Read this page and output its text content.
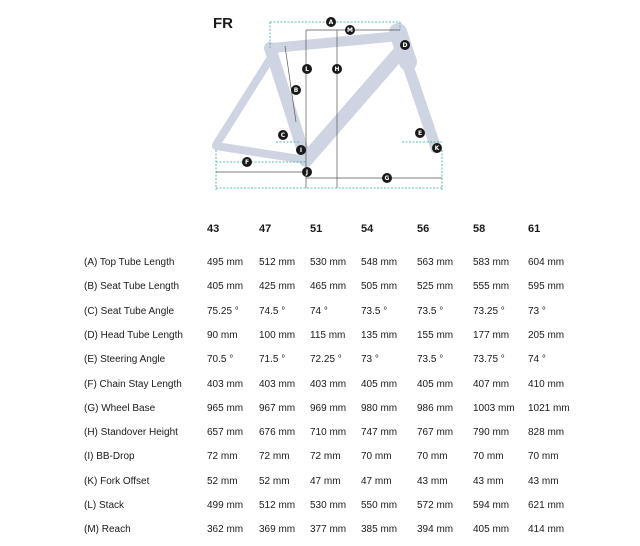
FR	A
M
D
L	H
B
C
I
E
K
F
J
G
43	47	51	54	56	58	61
(A) Top Tube Length	495 mm 512 mm 530 mm 548 mm 563 mm 583 mm 604 mm
(B) Seat Tube Length	405 mm 425 mm 465 mm 505 mm 525 mm 555 mm 595 mm
(C) Seat Tube Angle	75.25 ° 74.5 ° 74 °	73.5 °	73.5 °	73.25 ° 73 °
(D) Head Tube Length 90 mm 100 mm 115 mm 135 mm 155 mm 177 mm 205 mm
(E) Steering Angle	70.5 °	71.5 ° 72.25 ° 73 °	73.5 °	73.75 ° 74 °
(F) Chain Stay Length	403 mm 403 mm 403 mm 405 mm 405 mm 407 mm 410 mm
(G) Wheel Base	965 mm 967 mm 969 mm 980 mm 986 mm 1003 mm 1021 mm
(H) Standover Height	657 mm 676 mm 710 mm 747 mm 767 mm 790 mm 828 mm
(I) BB-Drop	72 mm 72 mm 72 mm 70 mm	70 mm	70 mm 70 mm
(K) Fork Offset	52 mm 52 mm 47 mm 47 mm	43 mm	43 mm 43 mm
(L) Stack	499 mm 512 mm 530 mm 550 mm 572 mm 594 mm 621 mm
(M) Reach	362 mm 369 mm 377 mm 385 mm 394 mm 405 mm 414 mm
